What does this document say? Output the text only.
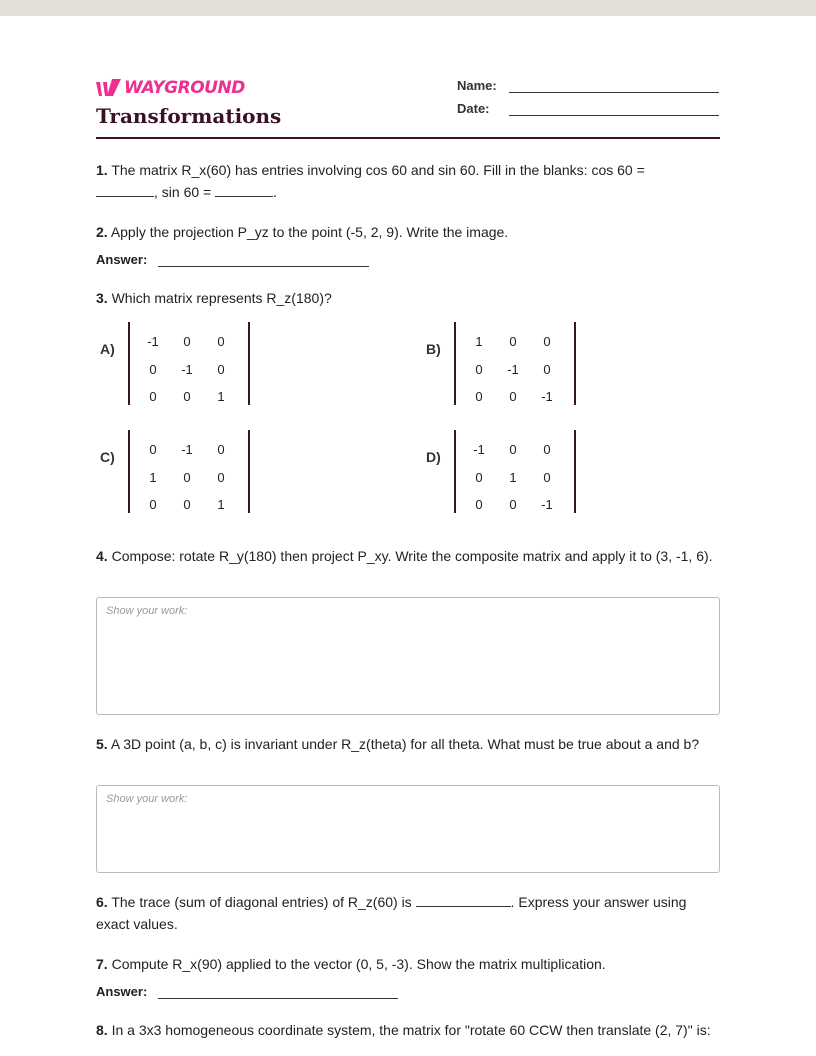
WAYGROUND
Transformations
Name:
Date:
1. The matrix R_x(60) has entries involving cos 60 and sin 60. Fill in the blanks: cos 60 =
, sin 60 =	.
2. Apply the projection P_yz to the point (-5, 2, 9). Write the image.
Answer:
3. Which matrix represents R_z(180)?
A)	-1	0	0
0	-1	0
0	0	1
B)	1	0	0
0	-1	0
0	0	-1
C)	0	-1	0
1	0	0
0	0	1
D)	-1	0	0
0	1	0
0	0	-1
4. Compose: rotate R_y(180) then project P_xy. Write the composite matrix and apply it to (3, -1, 6).
Show your work:
5. A 3D point (a, b, c) is invariant under R_z(theta) for all theta. What must be true about a and b?
Show your work:
6. The trace (sum of diagonal entries) of R_z(60) is	. Express your answer using exact values.
7. Compute R_x(90) applied to the vector (0, 5, -3). Show the matrix multiplication.
Answer:
8. In a 3x3 homogeneous coordinate system, the matrix for "rotate 60 CCW then translate (2, 7)" is:
